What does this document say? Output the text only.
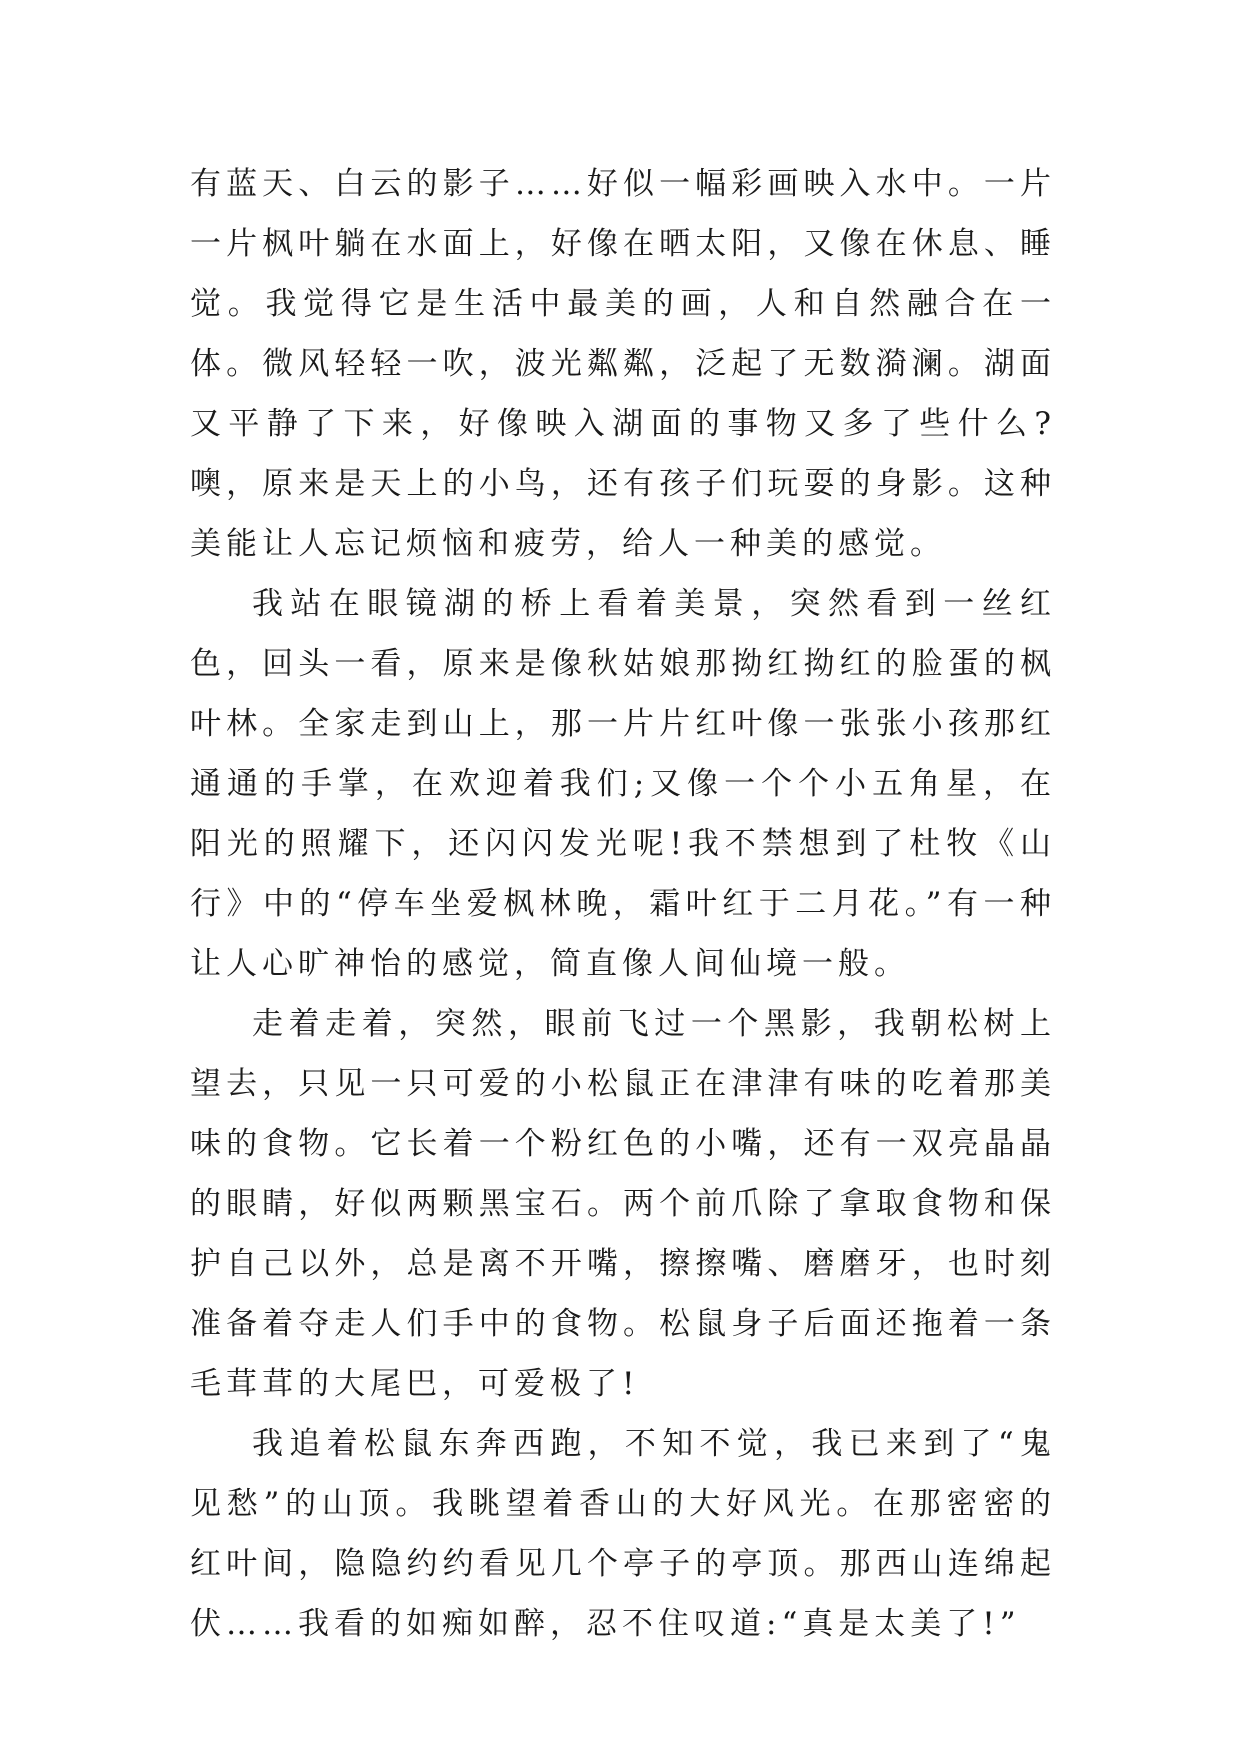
有蓝天、白云的影子……好似一幅彩画映入水中。一片一片枫叶躺在水面上，好像在晒太阳，又像在休息、睡觉。我觉得它是生活中最美的画，人和自然融合在一体。微风轻轻一吹，波光粼粼，泛起了无数漪澜。湖面又平静了下来，好像映入湖面的事物又多了些什么?噢，原来是天上的小鸟，还有孩子们玩耍的身影。这种美能让人忘记烦恼和疲劳，给人一种美的感觉。

我站在眼镜湖的桥上看着美景，突然看到一丝红色，回头一看，原来是像秋姑娘那拗红拗红的脸蛋的枫叶林。全家走到山上，那一片片红叶像一张张小孩那红通通的手掌，在欢迎着我们;又像一个个小五角星，在阳光的照耀下，还闪闪发光呢!我不禁想到了杜牧《山行》中的“停车坐爱枫林晚，霜叶红于二月花。”有一种让人心旷神怡的感觉，简直像人间仙境一般。

走着走着，突然，眼前飞过一个黑影，我朝松树上望去，只见一只可爱的小松鼠正在津津有味的吃着那美味的食物。它长着一个粉红色的小嘴，还有一双亮晶晶的眼睛，好似两颗黑宝石。两个前爪除了拿取食物和保护自己以外，总是离不开嘴，擦擦嘴、磨磨牙，也时刻准备着夺走人们手中的食物。松鼠身子后面还拖着一条毛茸茸的大尾巴，可爱极了!

我追着松鼠东奔西跑，不知不觉，我已来到了“鬼见愁”的山顶。我眺望着香山的大好风光。在那密密的红叶间，隐隐约约看见几个亭子的亭顶。那西山连绵起伏……我看的如痴如醉，忍不住叹道:“真是太美了!”
